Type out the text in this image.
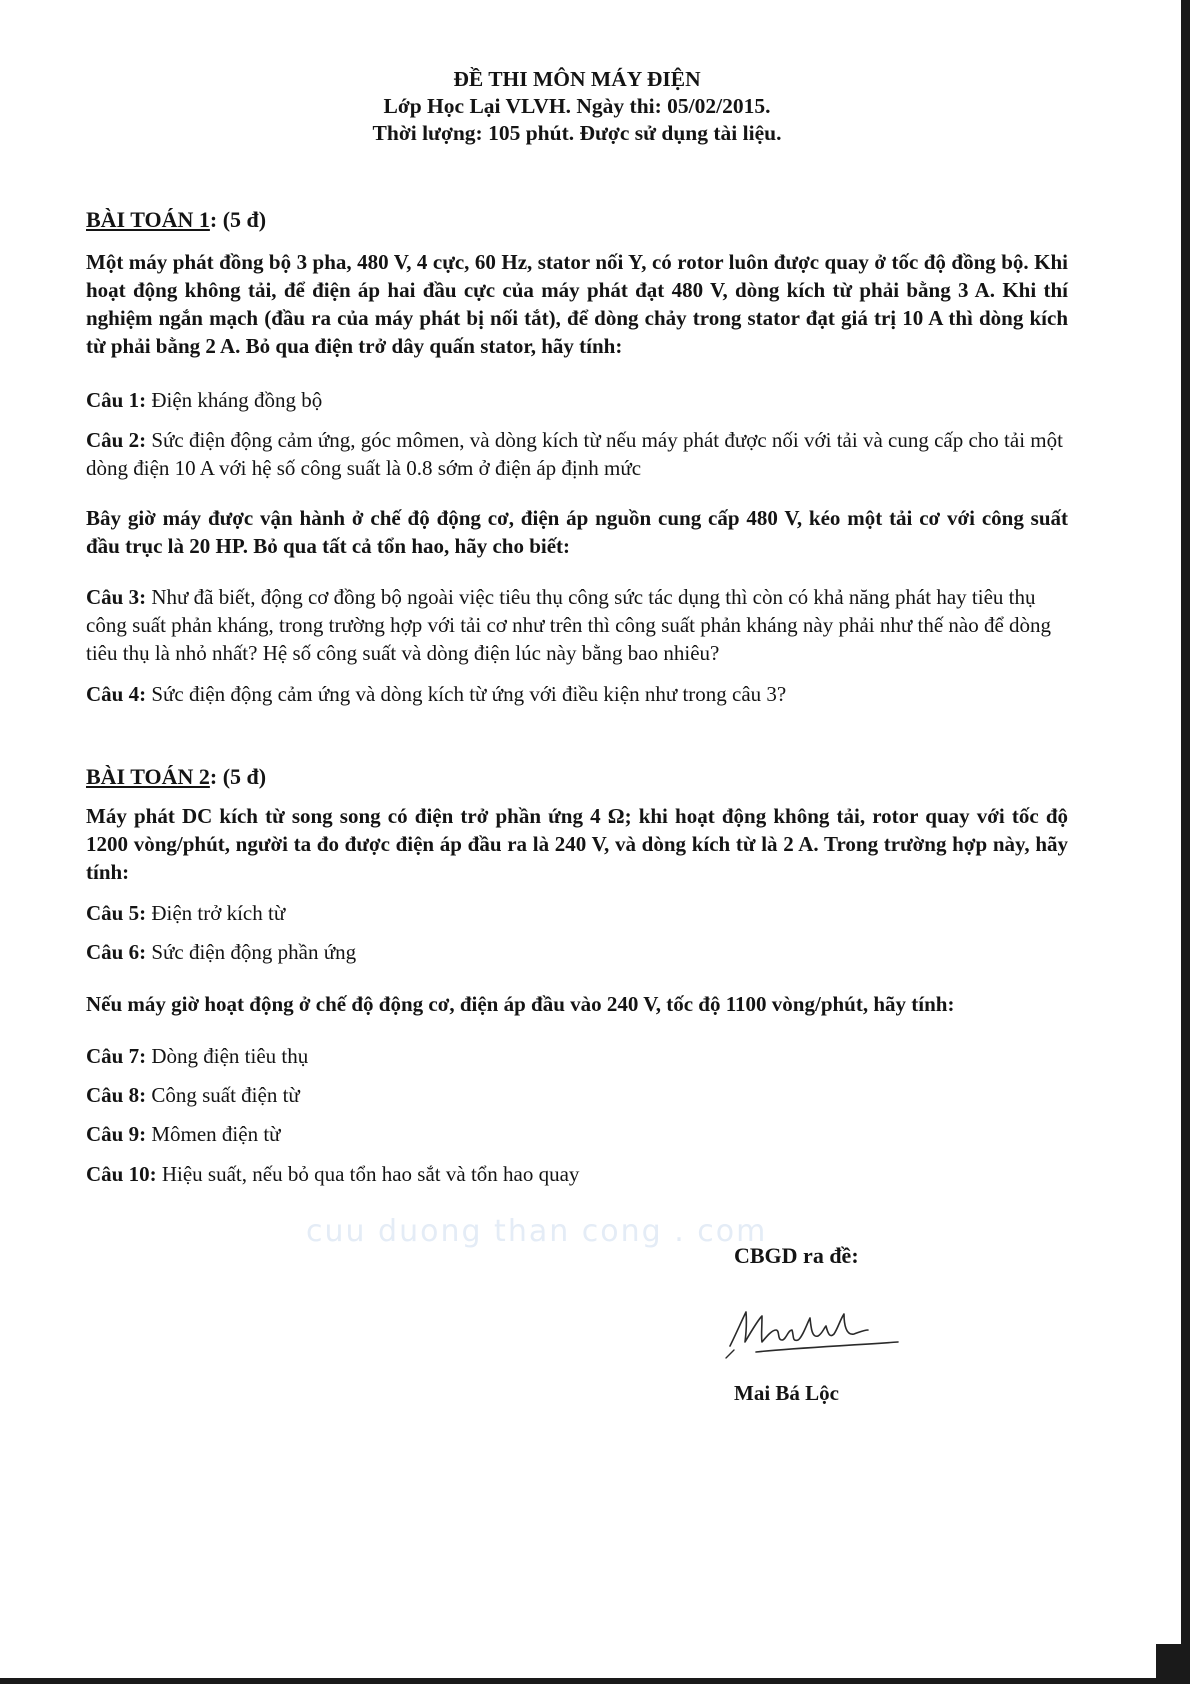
cuu duong than cong . com
ĐỀ THI MÔN MÁY ĐIỆN
Lớp Học Lại VLVH. Ngày thi: 05/02/2015.
Thời lượng: 105 phút. Được sử dụng tài liệu.
BÀI TOÁN 1: (5 đ)
Một máy phát đồng bộ 3 pha, 480 V, 4 cực, 60 Hz, stator nối Y, có rotor luôn được quay ở tốc độ đồng bộ. Khi hoạt động không tải, để điện áp hai đầu cực của máy phát đạt 480 V, dòng kích từ phải bằng 3 A. Khi thí nghiệm ngắn mạch (đầu ra của máy phát bị nối tắt), để dòng chảy trong stator đạt giá trị 10 A thì dòng kích từ phải bằng 2 A. Bỏ qua điện trở dây quấn stator, hãy tính:
Câu 1: Điện kháng đồng bộ
Câu 2: Sức điện động cảm ứng, góc mômen, và dòng kích từ nếu máy phát được nối với tải và cung cấp cho tải một dòng điện 10 A với hệ số công suất là 0.8 sớm ở điện áp định mức
Bây giờ máy được vận hành ở chế độ động cơ, điện áp nguồn cung cấp 480 V, kéo một tải cơ với công suất đầu trục là 20 HP. Bỏ qua tất cả tổn hao, hãy cho biết:
Câu 3: Như đã biết, động cơ đồng bộ ngoài việc tiêu thụ công sức tác dụng thì còn có khả năng phát hay tiêu thụ công suất phản kháng, trong trường hợp với tải cơ như trên thì công suất phản kháng này phải như thế nào để dòng tiêu thụ là nhỏ nhất? Hệ số công suất và dòng điện lúc này bằng bao nhiêu?
Câu 4: Sức điện động cảm ứng và dòng kích từ ứng với điều kiện như trong câu 3?
BÀI TOÁN 2: (5 đ)
Máy phát DC kích từ song song có điện trở phần ứng 4 Ω; khi hoạt động không tải, rotor quay với tốc độ 1200 vòng/phút, người ta đo được điện áp đầu ra là 240 V, và dòng kích từ là 2 A. Trong trường hợp này, hãy tính:
Câu 5: Điện trở kích từ
Câu 6: Sức điện động phần ứng
Nếu máy giờ hoạt động ở chế độ động cơ, điện áp đầu vào 240 V, tốc độ 1100 vòng/phút, hãy tính:
Câu 7: Dòng điện tiêu thụ
Câu 8: Công suất điện từ
Câu 9: Mômen điện từ
Câu 10: Hiệu suất, nếu bỏ qua tổn hao sắt và tổn hao quay
CBGD ra đề:
Mai Bá Lộc
